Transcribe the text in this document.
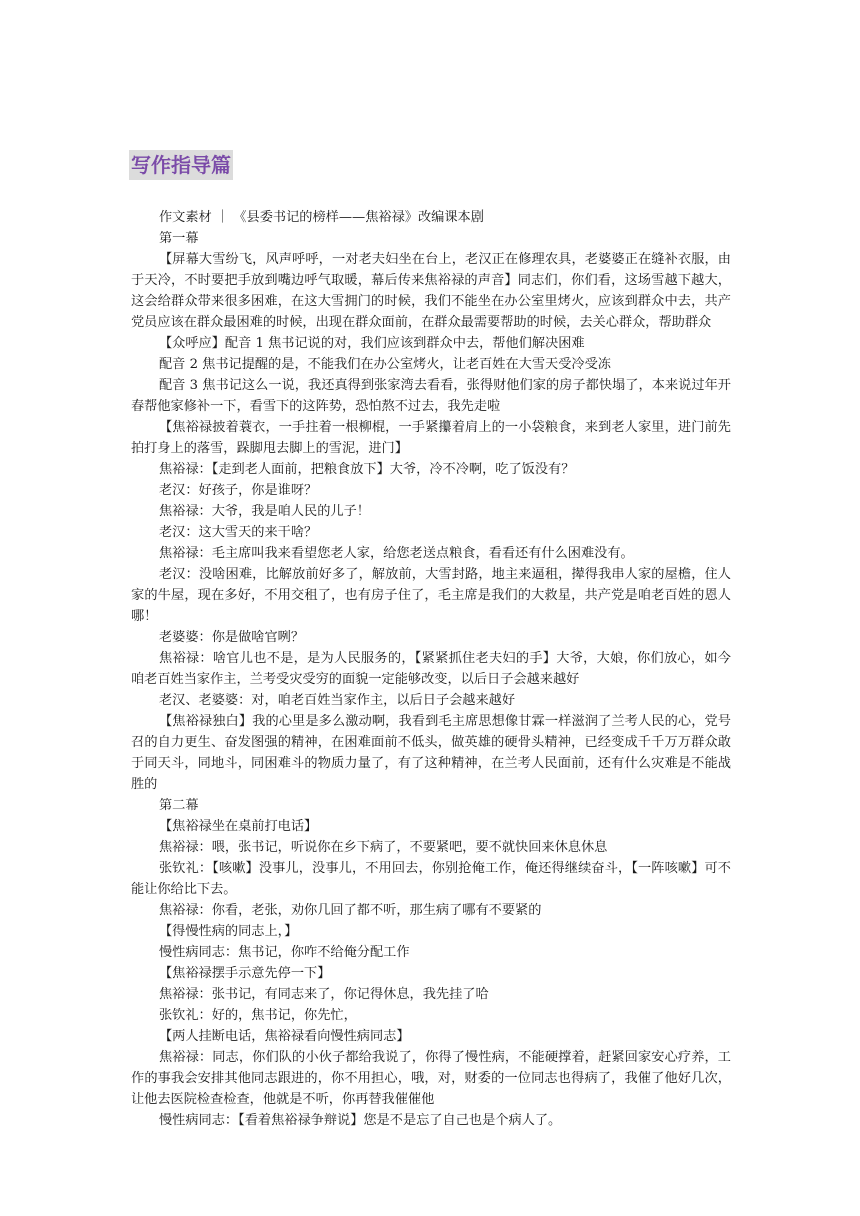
写作指导篇

作文素材 ｜ 《县委书记的榜样——焦裕禄》改编课本剧

第一幕

【屏幕大雪纷飞，风声呼呼，一对老夫妇坐在台上，老汉正在修理农具，老婆婆正在缝补衣服，由于天冷，不时要把手放到嘴边呼气取暖，幕后传来焦裕禄的声音】同志们，你们看，这场雪越下越大，这会给群众带来很多困难，在这大雪拥门的时候，我们不能坐在办公室里烤火，应该到群众中去，共产党员应该在群众最困难的时候，出现在群众面前，在群众最需要帮助的时候，去关心群众，帮助群众

【众呼应】配音 1 焦书记说的对，我们应该到群众中去，帮他们解决困难

配音 2 焦书记提醒的是，不能我们在办公室烤火，让老百姓在大雪天受冷受冻

配音 3 焦书记这么一说，我还真得到张家湾去看看，张得财他们家的房子都快塌了，本来说过年开春帮他家修补一下，看雪下的这阵势，恐怕熬不过去，我先走啦

【焦裕禄披着蓑衣，一手拄着一根柳棍，一手紧攥着肩上的一小袋粮食，来到老人家里，进门前先拍打身上的落雪，跺脚甩去脚上的雪泥，进门】

焦裕禄：【走到老人面前，把粮食放下】大爷，冷不冷啊，吃了饭没有？

老汉：好孩子，你是谁呀？

焦裕禄：大爷，我是咱人民的儿子！

老汉：这大雪天的来干啥？

焦裕禄：毛主席叫我来看望您老人家，给您老送点粮食，看看还有什么困难没有。

老汉：没啥困难，比解放前好多了，解放前，大雪封路，地主来逼租，撵得我串人家的屋檐，住人家的牛屋，现在多好，不用交租了，也有房子住了，毛主席是我们的大救星，共产党是咱老百姓的恩人哪！

老婆婆：你是做啥官咧？

焦裕禄：啥官儿也不是，是为人民服务的，【紧紧抓住老夫妇的手】大爷，大娘，你们放心，如今咱老百姓当家作主，兰考受灾受穷的面貌一定能够改变，以后日子会越来越好

老汉、老婆婆：对，咱老百姓当家作主，以后日子会越来越好

【焦裕禄独白】我的心里是多么激动啊，我看到毛主席思想像甘霖一样滋润了兰考人民的心，党号召的自力更生、奋发图强的精神，在困难面前不低头，做英雄的硬骨头精神，已经变成千千万万群众敢于同天斗，同地斗，同困难斗的物质力量了，有了这种精神，在兰考人民面前，还有什么灾难是不能战胜的

第二幕

【焦裕禄坐在桌前打电话】

焦裕禄：喂，张书记，听说你在乡下病了，不要紧吧，要不就快回来休息休息

张钦礼：【咳嗽】没事儿，没事儿，不用回去，你别抢俺工作，俺还得继续奋斗，【一阵咳嗽】可不能让你给比下去。

焦裕禄：你看，老张，劝你几回了都不听，那生病了哪有不要紧的

【得慢性病的同志上，】

慢性病同志：焦书记，你咋不给俺分配工作

【焦裕禄摆手示意先停一下】

焦裕禄：张书记，有同志来了，你记得休息，我先挂了哈

张钦礼：好的，焦书记，你先忙，

【两人挂断电话，焦裕禄看向慢性病同志】

焦裕禄：同志，你们队的小伙子都给我说了，你得了慢性病，不能硬撑着，赶紧回家安心疗养，工作的事我会安排其他同志跟进的，你不用担心，哦，对，财委的一位同志也得病了，我催了他好几次，让他去医院检查检查，他就是不听，你再替我催催他

慢性病同志：【看着焦裕禄争辩说】您是不是忘了自己也是个病人了。
